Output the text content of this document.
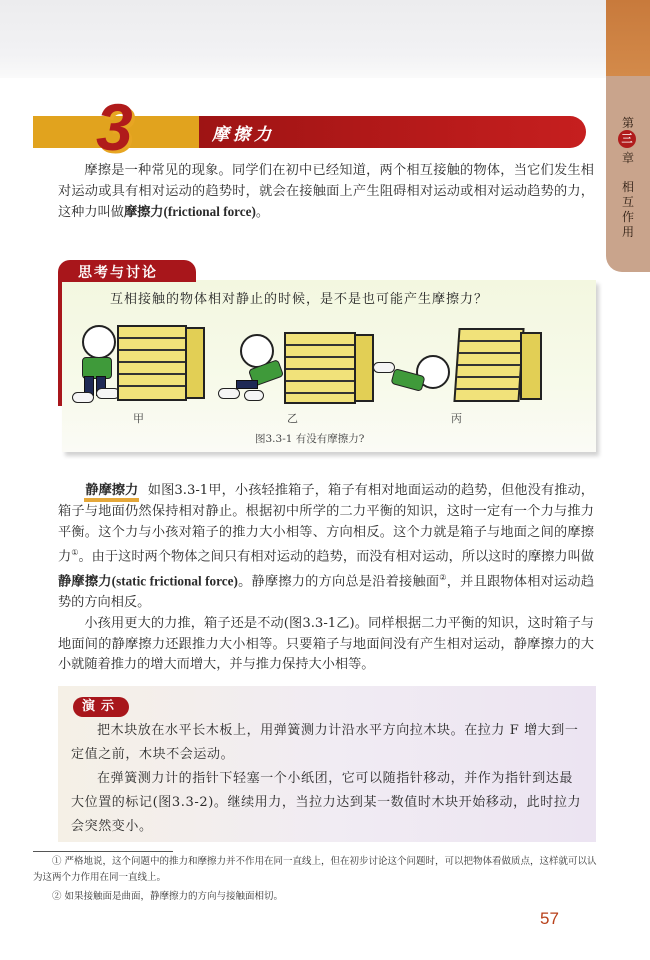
第
三
章
相
互
作
用
3	摩擦力

摩擦是一种常见的现象。同学们在初中已经知道，两个相互接触的物体，当它们发生相对运动或具有相对运动的趋势时，就会在接触面上产生阻碍相对运动或相对运动趋势的力，这种力叫做摩擦力(frictional force)。

思考与讨论
互相接触的物体相对静止的时候，是不是也可能产生摩擦力？
甲	乙	丙
图3.3-1 有没有摩擦力?

静摩擦力 如图3.3-1甲，小孩轻推箱子，箱子有相对地面运动的趋势，但他没有推动，箱子与地面仍然保持相对静止。根据初中所学的二力平衡的知识，这时一定有一个力与推力平衡。这个力与小孩对箱子的推力大小相等、方向相反。这个力就是箱子与地面之间的摩擦力①。由于这时两个物体之间只有相对运动的趋势，而没有相对运动，所以这时的摩擦力叫做静摩擦力(static frictional force)。静摩擦力的方向总是沿着接触面②，并且跟物体相对运动趋势的方向相反。

小孩用更大的力推，箱子还是不动(图3.3-1乙)。同样根据二力平衡的知识，这时箱子与地面间的静摩擦力还跟推力大小相等。只要箱子与地面间没有产生相对运动，静摩擦力的大小就随着推力的增大而增大，并与推力保持大小相等。

演示

把木块放在水平长木板上，用弹簧测力计沿水平方向拉木块。在拉力 F 增大到一定值之前，木块不会运动。

在弹簧测力计的指针下轻塞一个小纸团，它可以随指针移动，并作为指针到达最大位置的标记(图3.3-2)。继续用力，当拉力达到某一数值时木块开始移动，此时拉力会突然变小。

① 严格地说，这个问题中的推力和摩擦力并不作用在同一直线上，但在初步讨论这个问题时，可以把物体看做质点，这样就可以认为这两个力作用在同一直线上。

② 如果接触面是曲面，静摩擦力的方向与接触面相切。

57
